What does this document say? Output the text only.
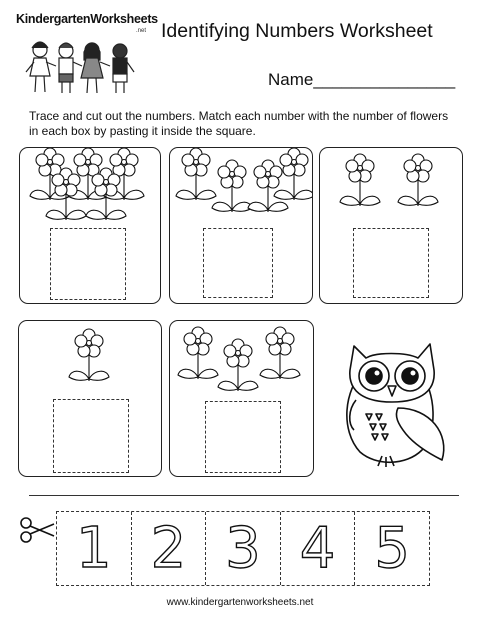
KindergartenWorksheets
.net Identifying Numbers Worksheet
Name_______________
Trace and cut out the numbers. Match each number with the number of flowers in each box by pasting it inside the square.
1 2 3 4 5
www.kindergartenworksheets.net
